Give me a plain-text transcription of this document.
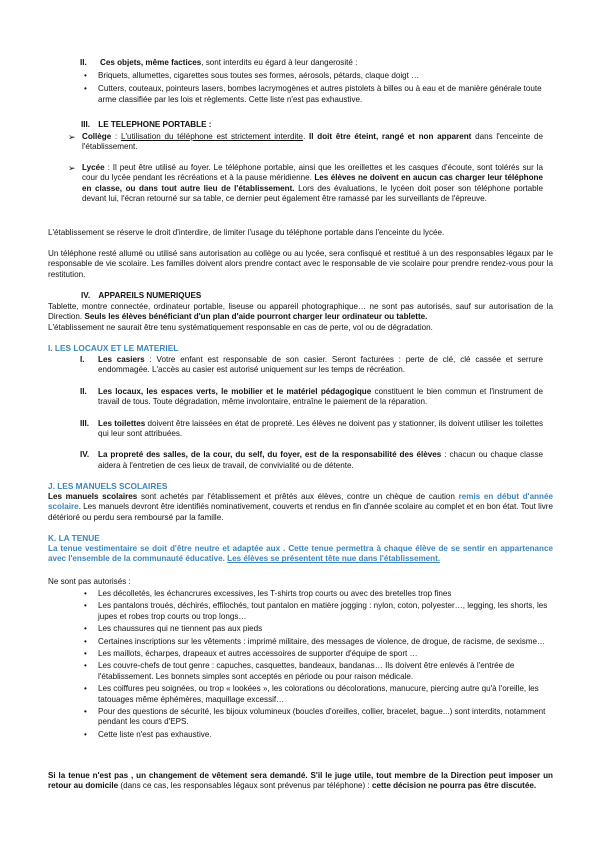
II. Ces objets, même factices, sont interdits eu égard à leur dangerosité :
• Briquets, allumettes, cigarettes sous toutes ses formes, aérosols, pétards, claque doigt …
• Cutters, couteaux, pointeurs lasers, bombes lacrymogènes et autres pistolets à billes ou à eau et de manière générale toute arme classifiée par les lois et règlements. Cette liste n'est pas exhaustive.
III. LE TELEPHONE PORTABLE :
➢ Collège : L'utilisation du téléphone est strictement interdite. Il doit être éteint, rangé et non apparent dans l'enceinte de l'établissement.
➢ Lycée : Il peut être utilisé au foyer. Le téléphone portable, ainsi que les oreillettes et les casques d'écoute, sont tolérés sur la cour du lycée pendant les récréations et à la pause méridienne. Les élèves ne doivent en aucun cas charger leur téléphone en classe, ou dans tout autre lieu de l'établissement. Lors des évaluations, le lycéen doit poser son téléphone portable devant lui, l'écran retourné sur sa table, ce dernier peut également être ramassé par les surveillants de l'épreuve.
L'établissement se réserve le droit d'interdire, de limiter l'usage du téléphone portable dans l'enceinte du lycée.
Un téléphone resté allumé ou utilisé sans autorisation au collège ou au lycée, sera confisqué et restitué à un des responsables légaux par le responsable de vie scolaire. Les familles doivent alors prendre contact avec le responsable de vie scolaire pour prendre rendez-vous pour la restitution.
IV. APPAREILS NUMERIQUES
Tablette, montre connectée, ordinateur portable, liseuse ou appareil photographique… ne sont pas autorisés, sauf sur autorisation de la Direction. Seuls les élèves bénéficiant d'un plan d'aide pourront charger leur ordinateur ou tablette.
L'établissement ne saurait être tenu systématiquement responsable en cas de perte, vol ou de dégradation.
I. LES LOCAUX ET LE MATERIEL
I. Les casiers : Votre enfant est responsable de son casier. Seront facturées : perte de clé, clé cassée et serrure endommagée. L'accès au casier est autorisé uniquement sur les temps de récréation.
II. Les locaux, les espaces verts, le mobilier et le matériel pédagogique constituent le bien commun et l'instrument de travail de tous. Toute dégradation, même involontaire, entraîne le paiement de la réparation.
III. Les toilettes doivent être laissées en état de propreté. Les élèves ne doivent pas y stationner, ils doivent utiliser les toilettes qui leur sont attribuées.
IV. La propreté des salles, de la cour, du self, du foyer, est de la responsabilité des élèves : chacun ou chaque classe aidera à l'entretien de ces lieux de travail, de convivialité ou de détente.
J. LES MANUELS SCOLAIRES
Les manuels scolaires sont achetés par l'établissement et prêtés aux élèves, contre un chèque de caution remis en début d'année scolaire. Les manuels devront être identifiés nominativement, couverts et rendus en fin d'année scolaire au complet et en bon état. Tout livre détérioré ou perdu sera remboursé par la famille.
K. LA TENUE
La tenue vestimentaire se doit d'être neutre et adaptée aux . Cette tenue permettra à chaque élève de se sentir en appartenance avec l'ensemble de la communauté éducative. Les élèves se présentent tête nue dans l'établissement.
Ne sont pas autorisés :
• Les décolletés, les échancrures excessives, les T-shirts trop courts ou avec des bretelles trop fines
• Les pantalons troués, déchirés, effilochés, tout pantalon en matière jogging : nylon, coton, polyester…, legging, les shorts, les jupes et robes trop courts ou trop longs…
• Les chaussures qui ne tiennent pas aux pieds
• Certaines inscriptions sur les vêtements : imprimé militaire, des messages de violence, de drogue, de racisme, de sexisme…
• Les maillots, écharpes, drapeaux et autres accessoires de supporter d'équipe de sport …
• Les couvre-chefs de tout genre : capuches, casquettes, bandeaux, bandanas… Ils doivent être enlevés à l'entrée de l'établissement. Les bonnets simples sont acceptés en période ou pour raison médicale.
• Les coiffures peu soignées, ou trop « lookées », les colorations ou décolorations, manucure, piercing autre qu'à l'oreille, les tatouages même éphémères, maquillage excessif…
• Pour des questions de sécurité, les bijoux volumineux (boucles d'oreilles, collier, bracelet, bague...) sont interdits, notamment pendant les cours d'EPS.
• Cette liste n'est pas exhaustive.
Si la tenue n'est pas , un changement de vêtement sera demandé. S'il le juge utile, tout membre de la Direction peut imposer un retour au domicile (dans ce cas, les responsables légaux sont prévenus par téléphone) : cette décision ne pourra pas être discutée.
